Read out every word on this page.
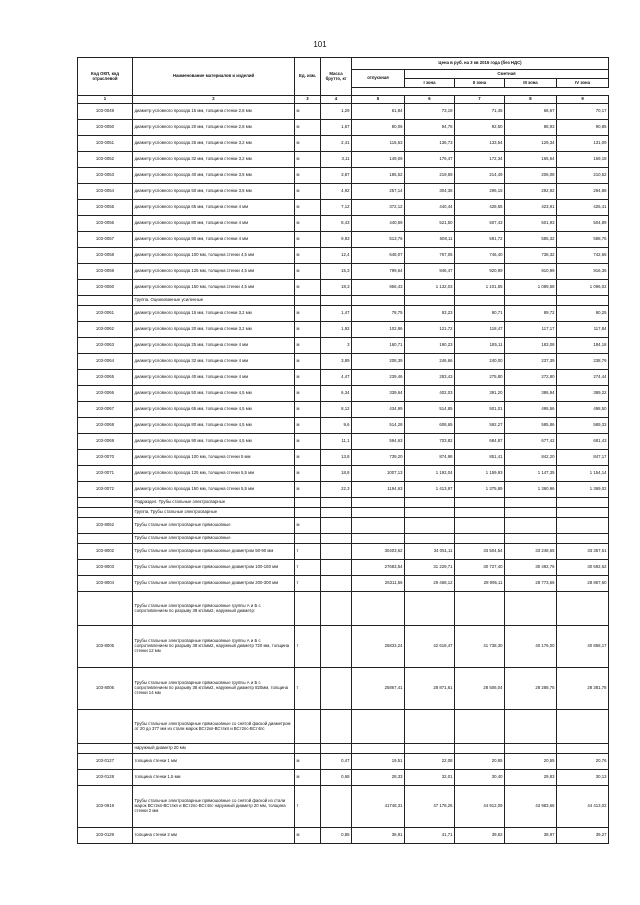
101
Код ОКП, код отраслевой	Наименование материалов и изделий	Ед. изм.	Масса брутто, кг	Цена в руб. на 3 кв 2015 года (без НДС)				
				отпускная	Сметная			
					I зона	II зона	III зона	IV зона

1	2	3	4	5	6	7	8	9
103-0049	диаметр условного прохода 15 мм, толщина стенки 2,8 мм	м	1,29	61,84	73,19	71,45	68,67	70,17
103-0050	диаметр условного прохода 20 мм, толщина стенки 2,8 мм	м	1,67	80,06	94,76	92,50	88,93	90,85
103-0051	диаметр условного прохода 25 мм, толщина стенки 3,2 мм	м	2,41	115,53	136,73	133,54	129,34	131,09
103-0052	диаметр условного прохода 32 мм, толщина стенки 3,2 мм	м	3,11	149,09	176,47	172,34	165,64	169,18
103-0053	диаметр условного прохода 40 мм, толщина стенки 3,5 мм	м	3,87	185,52	219,59	214,49	206,08	210,52
103-0054	диаметр условного прохода 50 мм, толщина стенки 3,5 мм	м	4,92	257,14	304,36	296,15	292,92	294,88
103-0055	диаметр условного прохода 65 мм, толщина стенки 4 мм	м	7,12	372,12	440,44	428,55	423,91	426,41
103-0056	диаметр условного прохода 80 мм, толщина стенки 4 мм	м	8,43	440,59	521,50	507,43	501,93	504,89
103-0057	диаметр условного прохода 90 мм, толщина стенки 4 мм	м	9,83	513,76	608,11	591,72	585,32	588,76
103-0058	диаметр условного прохода 100 мм, толщина стенки 4,5 мм	м	12,4	648,07	767,06	746,40	738,32	742,65
103-0059	диаметр условного прохода 125 мм, толщина стенки 4,5 мм	м	15,3	799,64	946,47	920,99	910,99	916,36
103-0060	диаметр условного прохода 150 мм, толщина стенки 4,5 мм	м	18,3	956,43	1 132,03	1 101,55	1 089,58	1 096,02
	Группа. Оцинкованные усиленные							
103-0061	диаметр условного прохода 15 мм, толщина стенки 3,2 мм	м	1,47	78,75	93,23	90,71	89,72	90,25
103-0062	диаметр условного прохода 20 мм, толщина стенки 3,2 мм	м	1,92	102,86	121,72	118,47	117,17	117,84
103-0063	диаметр условного прохода 25 мм, толщина стенки 4 мм	м	3	160,71	190,23	185,11	183,08	184,18
103-0064	диаметр условного прохода 32 мм, толщина стенки 4 мм	м	3,89	208,39	246,66	240,00	237,39	238,79
103-0065	диаметр условного прохода 40 мм, толщина стенки 4 мм	м	4,47	239,46	283,43	275,80	272,80	274,44
103-0066	диаметр условного прохода 50 мм, толщина стенки 4,5 мм	м	6,34	339,64	402,03	391,20	386,94	389,22
103-0067	диаметр условного прохода 65 мм, толщина стенки 4,5 мм	м	8,12	434,99	514,85	501,01	495,56	498,50
103-0068	диаметр условного прохода 80 мм, толщина стенки 4,5 мм	м	9,6	514,28	608,65	592,27	585,86	589,33
103-0069	диаметр условного прохода 90 мм, толщина стенки 4,5 мм	м	11,1	594,63	703,82	684,87	677,42	681,43
103-0070	диаметр условного прохода 100 мм, толщина стенки 5 мм	м	13,8	739,20	874,98	851,41	842,20	847,17
103-0071	диаметр условного прохода 125 мм, толщина стенки 5,5 мм	м	18,8	1007,13	1 192,04	1 159,93	1 147,35	1 154,14
103-0072	диаметр условного прохода 150 мм, толщина стенки 5,5 мм	м	22,3	1194,63	1 413,97	1 375,89	1 360,96	1 369,02
	Подраздел. Трубы стальные электросварные							
	Группа. Трубы стальные электросварные							
103-8062	Трубы стальные электросварные прямошовные	м						
	Трубы стальные электросварные прямошовные							
103-8002	Трубы стальные электросварные прямошовные диаметром 50-90 мм	т		30403,62	34 051,11	33 504,54	33 248,65	33 357,51
103-8003	Трубы стальные электросварные прямошовные диаметром 100-150 мм	т		27683,54	31 229,71	30 727,40	30 492,76	30 592,62
103-8004	Трубы стальные электросварные прямошовные диаметром 200-300 мм	т		26311,56	29 468,12	28 995,11	28 773,66	28 867,60
	Трубы стальные электросварные прямошовные группы А и Б с сопротивлением по разрыву 38 кгс/мм2, наружный диаметр:							
103-8005	Трубы стальные электросварные прямошовные группы А и Б с сопротивлением по разрыву 38 кгс/мм2, наружный диаметр 720 мм, толщина стенки 12 мм	т		25833,24	42 618,47	41 738,30	40 176,00	40 858,17
103-8006	Трубы стальные электросварные прямошовные группы А и Б с сопротивлением по разрыву 38 кгс/мм2, наружный диаметр 820мм, толщина стенки 14 мм	т		25867,41	28 871,61	28 506,04	28 288,75	28 381,78
	Трубы стальные электросварные прямошовные со снятой фаской диаметром от 20 до 377 мм из стали марок ВСт2кп-ВСт4кп и ВСт2пс-ВСт4пс							
	наружный диаметр 20 мм							
103-0127	толщина стенки 1 мм	м	0,47	19,51	22,08	20,85	20,55	20,76
103-0128	толщина стенки 1,5 мм	м	0,68	28,33	32,01	30,40	29,83	30,13
103-0919	Трубы стальные электросварные прямошовные со снятой фаской из стали марок ВСт2кп-ВСт4кп и ВСт2пс-ВСт4пс наружный диаметр 20 мм, толщина стенки 2 мм	т		41748,31	47 178,26	44 912,09	43 983,66	44 413,02
103-0129	толщина стенки 2 мм	м	0,85	36,91	41,71	39,62	38,97	39,27
